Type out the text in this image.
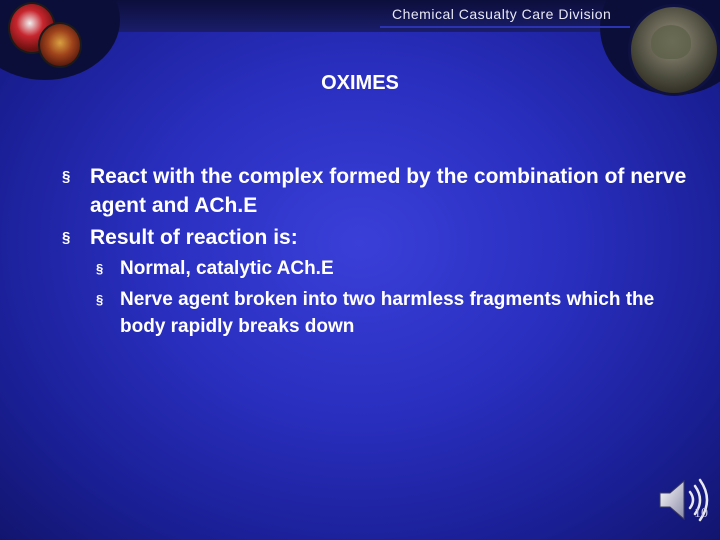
Chemical Casualty Care Division
OXIMES
§ React with the complex formed by the combination of nerve agent and ACh.E
§ Result of reaction is:
§ Normal, catalytic ACh.E
§ Nerve agent broken into two harmless fragments which the body rapidly breaks down
10
